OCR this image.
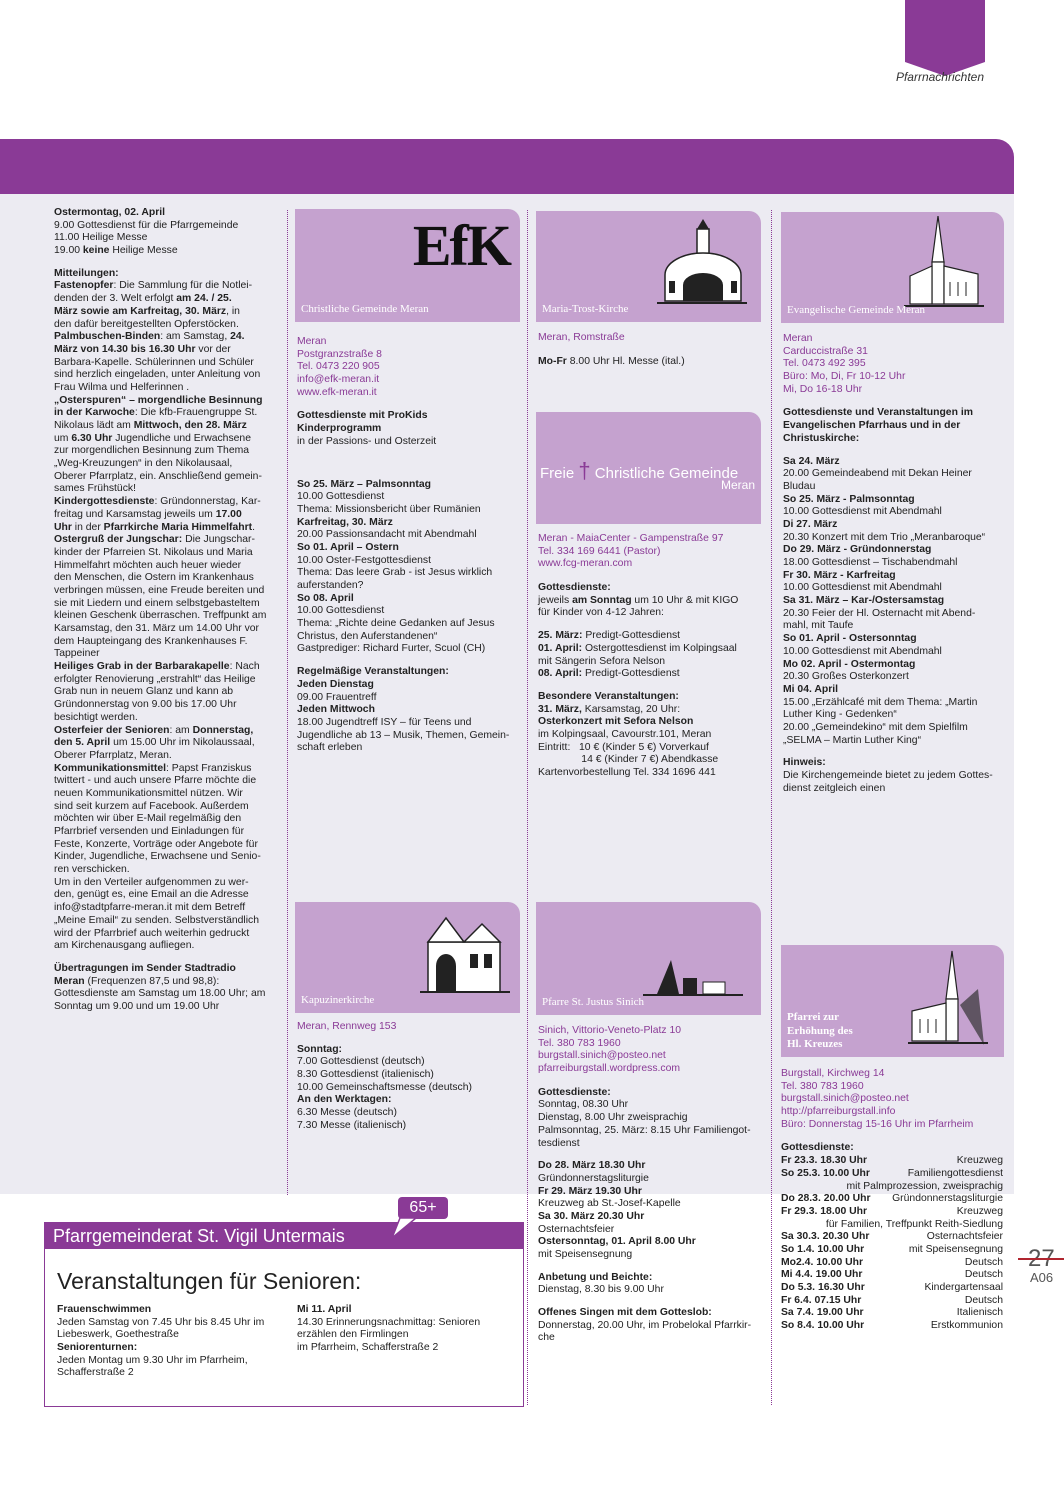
Pfarrnachrichten
Ostermontag, 02. April
9.00 Gottesdienst für die Pfarrgemeinde
11.00 Heilige Messe
19.00 keine Heilige Messe

Mitteilungen:
Fastenopfer: Die Sammlung für die Notlei-
denden der 3. Welt erfolgt am 24. / 25.
März sowie am Karfreitag, 30. März, in
den dafür bereitgestellten Opferstöcken.
Palmbuschen-Binden: am Samstag, 24.
März von 14.30 bis 16.30 Uhr vor der
Barbara-Kapelle. Schülerinnen und Schüler
sind herzlich eingeladen, unter Anleitung von
Frau Wilma und Helferinnen .
„Osterspuren“ – morgendliche Besinnung
in der Karwoche: Die kfb-Frauengruppe St.
Nikolaus lädt am Mittwoch, den 28. März
um 6.30 Uhr Jugendliche und Erwachsene
zur morgendlichen Besinnung zum Thema
„Weg-Kreuzungen“ in den Nikolausaal,
Oberer Pfarrplatz, ein. Anschließend gemein-
sames Frühstück!
Kindergottesdienste: Gründonnerstag, Kar-
freitag und Karsamstag jeweils um 17.00
Uhr in der Pfarrkirche Maria Himmelfahrt.
Ostergruß der Jungschar: Die Jungschar-
kinder der Pfarreien St. Nikolaus und Maria
Himmelfahrt möchten auch heuer wieder
den Menschen, die Ostern im Krankenhaus
verbringen müssen, eine Freude bereiten und
sie mit Liedern und einem selbstgebasteltem
kleinen Geschenk überraschen. Treffpunkt am
Karsamstag, den 31. März um 14.00 Uhr vor
dem Haupteingang des Krankenhauses F.
Tappeiner
Heiliges Grab in der Barbarakapelle: Nach
erfolgter Renovierung „erstrahlt“ das Heilige
Grab nun in neuem Glanz und kann ab
Gründonnerstag von 9.00 bis 17.00 Uhr
besichtigt werden.
Osterfeier der Senioren: am Donnerstag,
den 5. April um 15.00 Uhr im Nikolaussaal,
Oberer Pfarrplatz, Meran.
Kommunikationsmittel: Papst Franziskus
twittert - und auch unsere Pfarre möchte die
neuen Kommunikationsmittel nützen. Wir
sind seit kurzem auf Facebook. Außerdem
möchten wir über E-Mail regelmäßig den
Pfarrbrief versenden und Einladungen für
Feste, Konzerte, Vorträge oder Angebote für
Kinder, Jugendliche, Erwachsene und Senio-
ren verschicken.
Um in den Verteiler aufgenommen zu wer-
den, genügt es, eine Email an die Adresse
info@stadtpfarre-meran.it mit dem Betreff
„Meine Email“ zu senden. Selbstverständlich
wird der Pfarrbrief auch weiterhin gedruckt
am Kirchenausgang aufliegen.

Übertragungen im Sender Stadtradio
Meran (Frequenzen 87,5 und 98,8):
Gottesdienste am Samstag um 18.00 Uhr; am
Sonntag um 9.00 und um 19.00 Uhr
EfK
Christliche Gemeinde Meran
Meran
Postgranzstraße 8
Tel. 0473 220 905
info@efk-meran.it
www.efk-meran.it
Gottesdienste mit ProKids
Kinderprogramm
in der Passions- und Osterzeit

So 25. März – Palmsonntag
10.00 Gottesdienst
Thema: Missionsbericht über Rumänien
Karfreitag, 30. März
20.00 Passionsandacht mit Abendmahl
So 01. April – Ostern
10.00 Oster-Festgottesdienst
Thema: Das leere Grab - ist Jesus wirklich
auferstanden?
So 08. April
10.00 Gottesdienst
Thema: „Richte deine Gedanken auf Jesus
Christus, den Auferstandenen“
Gastprediger: Richard Furter, Scuol (CH)

Regelmäßige Veranstaltungen:
Jeden Dienstag
09.00 Frauentreff
Jeden Mittwoch
18.00 Jugendtreff ISY – für Teens und
Jugendliche ab 13 – Musik, Themen, Gemein-
schaft erleben
Kapuzinerkirche
Meran, Rennweg 153
Sonntag:
7.00 Gottesdienst (deutsch)
8.30 Gottesdienst (italienisch)
10.00 Gemeinschaftsmesse (deutsch)
An den Werktagen:
6.30 Messe (deutsch)
7.30 Messe (italienisch)
Maria-Trost-Kirche
Meran, Romstraße
Mo-Fr 8.00 Uhr Hl. Messe (ital.)
Freie † Christliche Gemeinde
Meran
Meran - MaiaCenter - Gampenstraße 97
Tel. 334 169 6441 (Pastor)
www.fcg-meran.com
Gottesdienste:
jeweils am Sonntag um 10 Uhr & mit KIGO
für Kinder von 4-12 Jahren:

25. März: Predigt-Gottesdienst
01. April: Ostergottesdienst im Kolpingsaal
mit Sängerin Sefora Nelson
08. April: Predigt-Gottesdienst

Besondere Veranstaltungen:
31. März, Karsamstag, 20 Uhr:
Osterkonzert mit Sefora Nelson
im Kolpingsaal, Cavourstr.101, Meran
Eintritt:   10 € (Kinder 5 €) Vorverkauf
14 € (Kinder 7 €) Abendkasse
Kartenvorbestellung Tel. 334 1696 441
Pfarre St. Justus Sinich
Sinich, Vittorio-Veneto-Platz 10
Tel. 380 783 1960
burgstall.sinich@posteo.net
pfarreiburgstall.wordpress.com
Gottesdienste:
Sonntag, 08.30 Uhr
Dienstag, 8.00 Uhr zweisprachig
Palmsonntag, 25. März: 8.15 Uhr Familiengot-
tesdienst

Do 28. März 18.30 Uhr
Gründonnerstagsliturgie
Fr 29. März 19.30 Uhr
Kreuzweg ab St.-Josef-Kapelle
Sa 30. März 20.30 Uhr
Osternachtsfeier
Ostersonntag, 01. April 8.00 Uhr
mit Speisensegnung

Anbetung und Beichte:
Dienstag, 8.30 bis 9.00 Uhr

Offenes Singen mit dem Gotteslob:
Donnerstag, 20.00 Uhr, im Probelokal Pfarrkir-
che
Evangelische Gemeinde Meran
Meran
Carduccistraße 31
Tel. 0473 492 395
Büro: Mo, Di, Fr 10-12 Uhr
Mi, Do 16-18 Uhr
Gottesdienste und Veranstaltungen im
Evangelischen Pfarrhaus und in der
Christuskirche:

Sa 24. März
20.00 Gemeindeabend mit Dekan Heiner
Bludau
So 25. März - Palmsonntag
10.00 Gottesdienst mit Abendmahl
Di 27. März
20.30 Konzert mit dem Trio „Meranbaroque“
Do 29. März - Gründonnerstag
18.00 Gottesdienst – Tischabendmahl
Fr 30. März - Karfreitag
10.00 Gottesdienst mit Abendmahl
Sa 31. März – Kar-/Ostersamstag
20.30 Feier der Hl. Osternacht mit Abend-
mahl, mit Taufe
So 01. April - Ostersonntag
10.00 Gottesdienst mit Abendmahl
Mo 02. April - Ostermontag
20.30 Großes Osterkonzert
Mi 04. April
15.00 „Erzählcafé mit dem Thema: „Martin
Luther King - Gedenken“
20.00 „Gemeindekino“ mit dem Spielfilm
„SELMA – Martin Luther King“

Hinweis:
Die Kirchengemeinde bietet zu jedem Gottes-
dienst zeitgleich einen
Pfarrei zur
Erhöhung des
Hl. Kreuzes
Burgstall, Kirchweg 14
Tel. 380 783 1960
burgstall.sinich@posteo.net
http://pfarreiburgstall.info
Büro: Donnerstag 15-16 Uhr im Pfarrheim
Gottesdienste:
Fr 23.3. 18.30 Uhr	Kreuzweg
So 25.3. 10.00 Uhr	Familiengottesdienst
mit Palmprozession, zweisprachig
Do 28.3. 20.00 Uhr Gründonnerstagsliturgie
Fr 29.3. 18.00 Uhr	Kreuzweg
für Familien, Treffpunkt Reith-Siedlung
Sa 30.3. 20.30 Uhr	Osternachtsfeier
So 1.4. 10.00 Uhr	mit Speisensegnung
Mo2.4. 10.00 Uhr	Deutsch
Mi 4.4. 19.00 Uhr	Deutsch
Do 5.3. 16.30 Uhr	Kindergartensaal
Fr 6.4. 07.15 Uhr	Deutsch
Sa 7.4. 19.00 Uhr	Italienisch
So 8.4. 10.00 Uhr	Erstkommunion
Pfarrgemeinderat St. Vigil Untermais
Veranstaltungen für Senioren:
Frauenschwimmen
Jeden Samstag von 7.45 Uhr bis 8.45 Uhr im
Liebeswerk, Goethestraße
Seniorenturnen:
Jeden Montag um 9.30 Uhr im Pfarrheim,
Schafferstraße 2
Mi 11. April
14.30 Erinnerungsnachmittag: Senioren
erzählen den Firmlingen
im Pfarrheim, Schafferstraße 2
65+
27
A06
